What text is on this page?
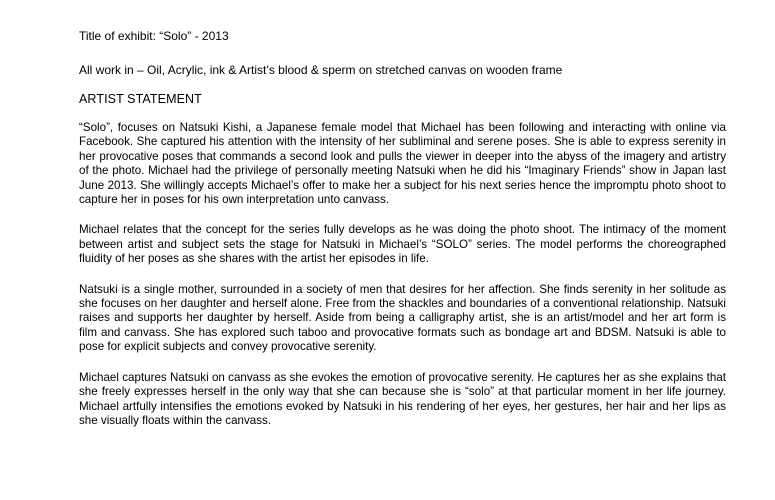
Title of exhibit: “Solo” - 2013

All work in – Oil, Acrylic, ink & Artist’s blood & sperm on stretched canvas on wooden frame

ARTIST STATEMENT

“Solo”, focuses on Natsuki Kishi, a Japanese female model that Michael has been following and interacting with online via Facebook. She captured his attention with the intensity of her subliminal and serene poses. She is able to express serenity in her provocative poses that commands a second look and pulls the viewer in deeper into the abyss of the imagery and artistry of the photo. Michael had the privilege of personally meeting Natsuki when he did his “Imaginary Friends” show in Japan last June 2013. She willingly accepts Michael’s offer to make her a subject for his next series hence the impromptu photo shoot to capture her in poses for his own interpretation unto canvass.

Michael relates that the concept for the series fully develops as he was doing the photo shoot. The intimacy of the moment between artist and subject sets the stage for Natsuki in Michael’s “SOLO” series. The model performs the choreographed fluidity of her poses as she shares with the artist her episodes in life.

Natsuki is a single mother, surrounded in a society of men that desires for her affection. She finds serenity in her solitude as she focuses on her daughter and herself alone. Free from the shackles and boundaries of a conventional relationship. Natsuki raises and supports her daughter by herself. Aside from being a calligraphy artist, she is an artist/model and her art form is film and canvass. She has explored such taboo and provocative formats such as bondage art and BDSM. Natsuki is able to pose for explicit subjects and convey provocative serenity.

Michael captures Natsuki on canvass as she evokes the emotion of provocative serenity. He captures her as she explains that she freely expresses herself in the only way that she can because she is “solo” at that particular moment in her life journey. Michael artfully intensifies the emotions evoked by Natsuki in his rendering of her eyes, her gestures, her hair and her lips as she visually floats within the canvass.
